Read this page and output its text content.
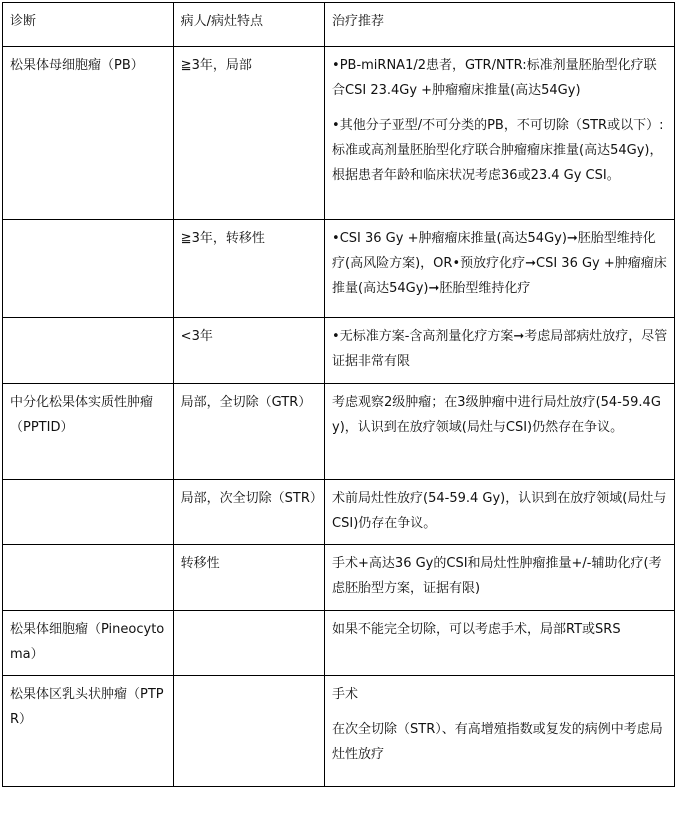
诊断	病人/病灶特点	治疗推荐
松果体母细胞瘤（PB）	≧3年，局部	•PB-miRNA1/2患者，GTR/NTR:标准剂量胚胎型化疗联合CSI 23.4Gy +肿瘤瘤床推量(高达54Gy)

•其他分子亚型/不可分类的PB，不可切除（STR或以下）:标准或高剂量胚胎型化疗联合肿瘤瘤床推量(高达54Gy)，根据患者年龄和临床状况考虑36或23.4 Gy CSI。

	≧3年，转移性	•CSI 36 Gy +肿瘤瘤床推量(高达54Gy)➞胚胎型维持化疗(高风险方案)，OR•预放疗化疗➞CSI 36 Gy +肿瘤瘤床推量(高达54Gy)➞胚胎型维持化疗

	<3年	•无标准方案-含高剂量化疗方案➞考虑局部病灶放疗，尽管证据非常有限

中分化松果体实质性肿瘤（PPTID）	局部，全切除（GTR）	考虑观察2级肿瘤；在3级肿瘤中进行局灶放疗(54-59.4Gy)，认识到在放疗领域(局灶与CSI)仍然存在争议。

	局部，次全切除（STR）	术前局灶性放疗(54-59.4 Gy)，认识到在放疗领域(局灶与CSI)仍存在争议。

	转移性	手术+高达36 Gy的CSI和局灶性肿瘤推量+/-辅助化疗(考虑胚胎型方案，证据有限)

松果体细胞瘤（Pineocytoma）		如果不能完全切除，可以考虑手术，局部RT或SRS

松果体区乳头状肿瘤（PTPR）		手术

在次全切除（STR）、有高增殖指数或复发的病例中考虑局灶性放疗
